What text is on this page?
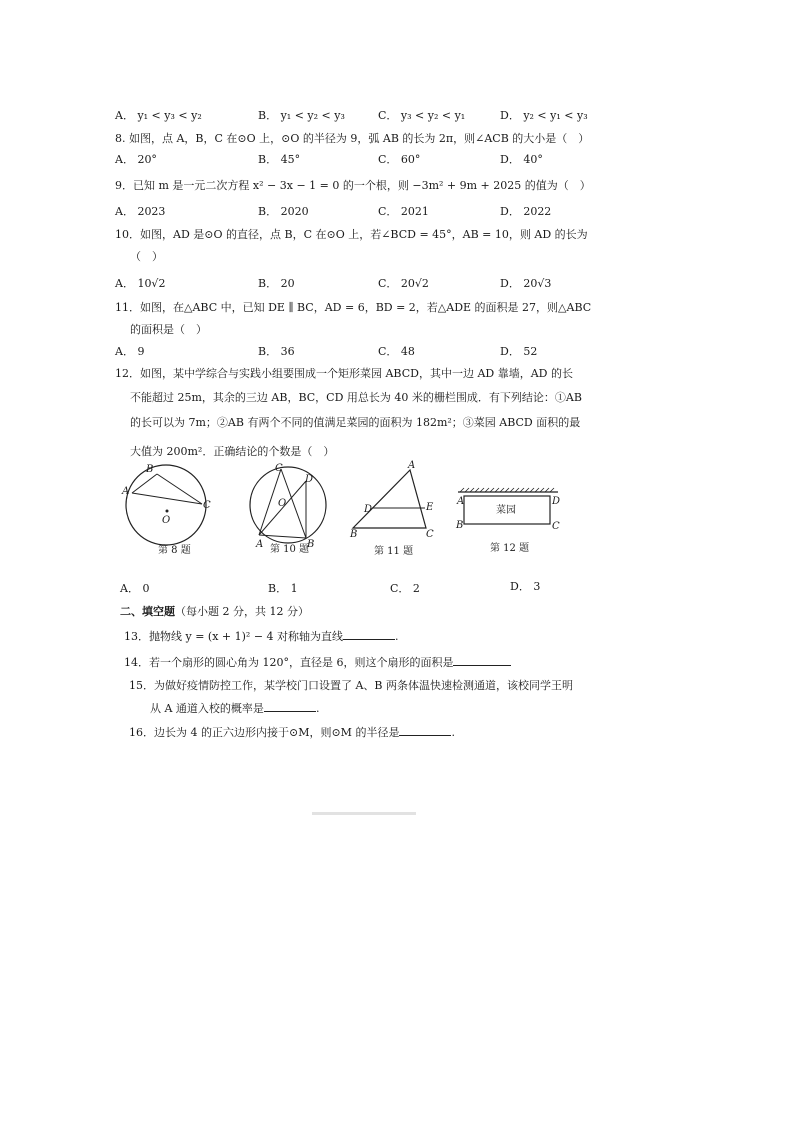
A． y₁ < y₃ < y₂	B． y₁ < y₂ < y₃	C． y₃ < y₂ < y₁	D． y₂ < y₁ < y₃
8. 如图，点 A，B，C 在⊙O 上，⊙O 的半径为 9，弧 AB 的长为 2π，则∠ACB 的大小是（　）
A． 20°	B． 45°	C． 60°	D． 40°
9．已知 m 是一元二次方程 x² − 3x − 1 = 0 的一个根，则 −3m² + 9m + 2025 的值为（　）
A． 2023	B． 2020	C． 2021	D． 2022
10．如图，AD 是⊙O 的直径，点 B，C 在⊙O 上，若∠BCD = 45°，AB = 10，则 AD 的长为
（　）
A． 10√2	B． 20	C． 20√2	D． 20√3
11．如图，在△ABC 中，已知 DE ∥ BC，AD = 6，BD = 2，若△ADE 的面积是 27，则△ABC
的面积是（　）
A． 9	B． 36	C． 48	D． 52
12．如图，某中学综合与实践小组要围成一个矩形菜园 ABCD，其中一边 AD 靠墙，AD 的长
不能超过 25m，其余的三边 AB，BC，CD 用总长为 40 米的栅栏围成．有下列结论：①AB
的长可以为 7m；②AB 有两个不同的值满足菜园的面积为 182m²；③菜园 ABCD 面积的最
大值为 200m²．正确结论的个数是（　）
A
B
C
O
C
D
O
A	B
A
D	E
B	C
菜园
A	D
B	C
第 8 题	第 10 题	第 11 题	第 12 题
A． 0	B． 1	C． 2	D． 3
二、填空题（每小题 2 分，共 12 分）
13．抛物线 y = (x + 1)² − 4 对称轴为直线	.
14．若一个扇形的圆心角为 120°，直径是 6，则这个扇形的面积是
15．为做好疫情防控工作，某学校门口设置了 A、B 两条体温快速检测通道，该校同学王明
从 A 通道入校的概率是	.
16．边长为 4 的正六边形内接于⊙M，则⊙M 的半径是	.
